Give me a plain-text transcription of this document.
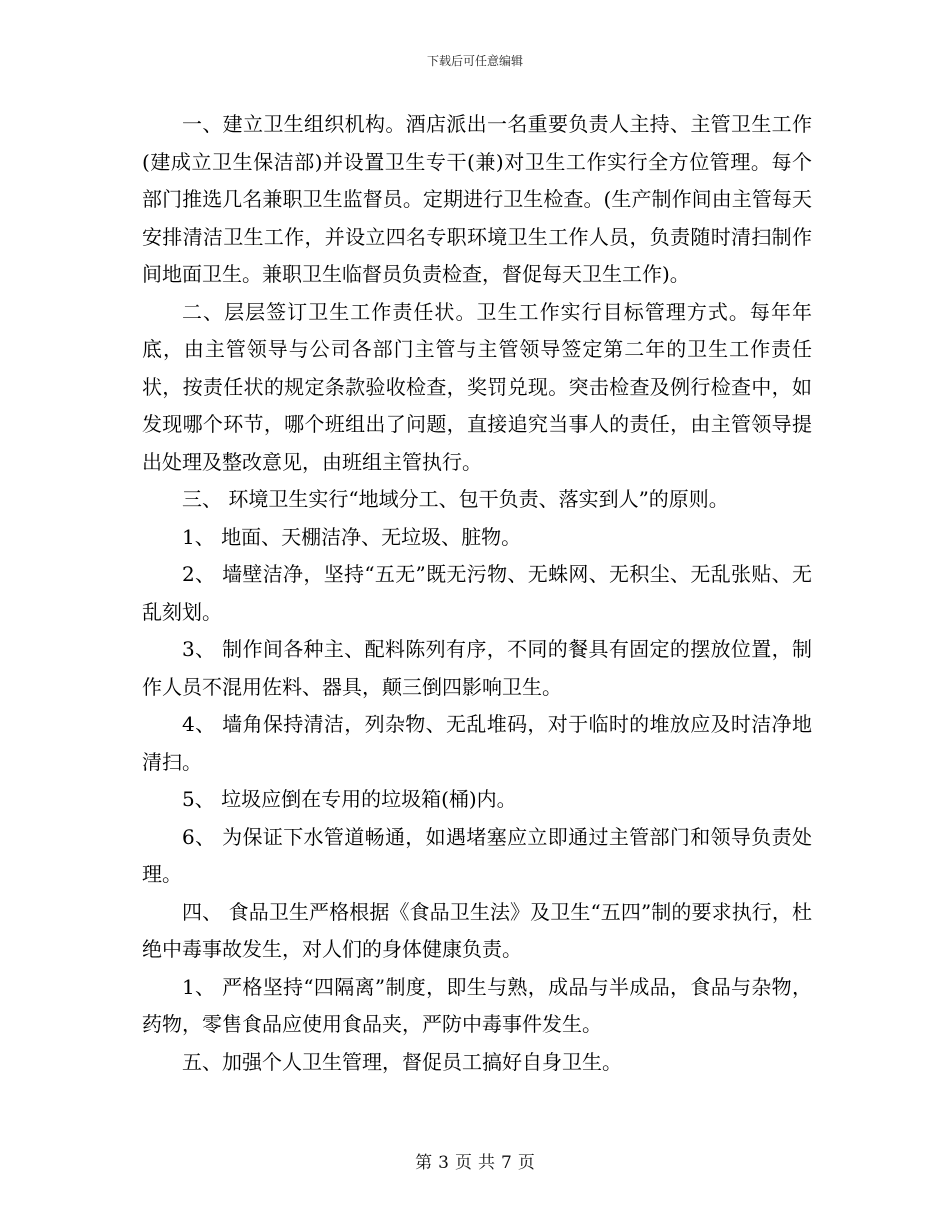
下载后可任意编辑

一、建立卫生组织机构。酒店派出一名重要负责人主持、主管卫生工作(建成立卫生保洁部)并设置卫生专干(兼)对卫生工作实行全方位管理。每个部门推选几名兼职卫生监督员。定期进行卫生检查。(生产制作间由主管每天安排清洁卫生工作，并设立四名专职环境卫生工作人员，负责随时清扫制作间地面卫生。兼职卫生临督员负责检查，督促每天卫生工作)。

二、层层签订卫生工作责任状。卫生工作实行目标管理方式。每年年底，由主管领导与公司各部门主管与主管领导签定第二年的卫生工作责任状，按责任状的规定条款验收检查，奖罚兑现。突击检查及例行检查中，如发现哪个环节，哪个班组出了问题，直接追究当事人的责任，由主管领导提出处理及整改意见，由班组主管执行。

三、 环境卫生实行“地域分工、包干负责、落实到人”的原则。

1、 地面、天棚洁净、无垃圾、脏物。

2、 墙壁洁净，坚持“五无”既无污物、无蛛网、无积尘、无乱张贴、无乱刻划。

3、 制作间各种主、配料陈列有序，不同的餐具有固定的摆放位置，制作人员不混用佐料、器具，颠三倒四影响卫生。

4、 墙角保持清洁，列杂物、无乱堆码，对于临时的堆放应及时洁净地清扫。

5、 垃圾应倒在专用的垃圾箱(桶)内。

6、 为保证下水管道畅通，如遇堵塞应立即通过主管部门和领导负责处理。

四、 食品卫生严格根据《食品卫生法》及卫生“五四”制的要求执行，杜绝中毒事故发生，对人们的身体健康负责。

1、 严格坚持“四隔离”制度，即生与熟，成品与半成品，食品与杂物，药物，零售食品应使用食品夹，严防中毒事件发生。

五、加强个人卫生管理，督促员工搞好自身卫生。

第 3 页 共 7 页
